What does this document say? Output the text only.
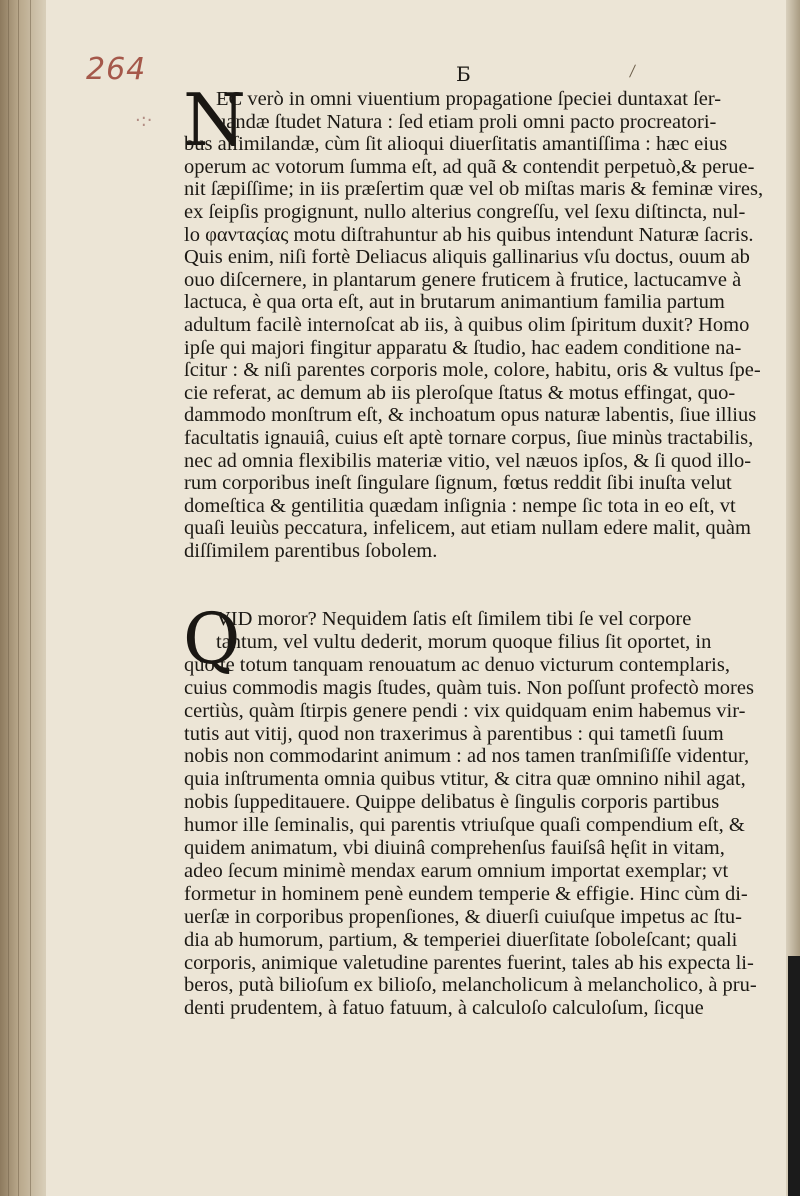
264	Б
·:· N
Q
EC verò in omni viuentium propagatione ſpeciei duntaxat ſer-
uandæ ſtudet Natura : ſed etiam proli omni pacto procreatori-
bus aſſimilandæ, cùm ſit alioqui diuerſitatis amantiſſima : hæc eius
operum ac votorum ſumma eſt, ad quã & contendit perpetuò,& perue-
nit ſæpiſſime; in iis præſertim quæ vel ob miſtas maris & feminæ vires,
ex ſeipſis progignunt, nullo alterius congreſſu, vel ſexu diſtincta, nul-
lo φανταςίας motu diſtrahuntur ab his quibus intendunt Naturæ ſacris.
Quis enim, niſi fortè Deliacus aliquis gallinarius vſu doctus, ouum ab
ouo diſcernere, in plantarum genere fruticem à frutice, lactucamve à
lactuca, è qua orta eſt, aut in brutarum animantium familia partum
adultum facilè internoſcat ab iis, à quibus olim ſpiritum duxit? Homo
ipſe qui majori fingitur apparatu & ſtudio, hac eadem conditione na-
ſcitur : & niſi parentes corporis mole, colore, habitu, oris & vultus ſpe-
cie referat, ac demum ab iis pleroſque ſtatus & motus effingat, quo-
dammodo monſtrum eſt, & inchoatum opus naturæ labentis, ſiue illius
facultatis ignauiâ, cuius eſt aptè tornare corpus, ſiue minùs tractabilis,
nec ad omnia flexibilis materiæ vitio, vel næuos ipſos, & ſi quod illo-
rum corporibus ineſt ſingulare ſignum, fœtus reddit ſibi inuſta velut
domeſtica & gentilitia quædam inſignia : nempe ſic tota in eo eſt, vt
quaſi leuiùs peccatura, infelicem, aut etiam nullam edere malit, quàm
diſſimilem parentibus ſobolem.
VID moror? Nequidem ſatis eſt ſimilem tibi ſe vel corpore
tantum, vel vultu dederit, morum quoque filius ſit oportet, in
quo te totum tanquam renouatum ac denuo victurum contemplaris,
cuius commodis magis ſtudes, quàm tuis. Non poſſunt profectò mores
certiùs, quàm ſtirpis genere pendi : vix quidquam enim habemus vir-
tutis aut vitij, quod non traxerimus à parentibus : qui tametſi ſuum
nobis non commodarint animum : ad nos tamen tranſmiſiſſe videntur,
quia inſtrumenta omnia quibus vtitur, & citra quæ omnino nihil agat,
nobis ſuppeditauere. Quippe delibatus è ſingulis corporis partibus
humor ille ſeminalis, qui parentis vtriuſque quaſi compendium eſt, &
quidem animatum, vbi diuinâ comprehenſus fauiſsâ hęſit in vitam,
adeo ſecum minimè mendax earum omnium importat exemplar; vt
formetur in hominem penè eundem temperie & effigie. Hinc cùm di-
uerſæ in corporibus propenſiones, & diuerſi cuiuſque impetus ac ſtu-
dia ab humorum, partium, & temperiei diuerſitate ſoboleſcant; quali
corporis, animique valetudine parentes fuerint, tales ab his expecta li-
beros, putà bilioſum ex bilioſo, melancholicum à melancholico, à pru-
denti prudentem, à fatuo fatuum, à calculoſo calculoſum, ſicque
